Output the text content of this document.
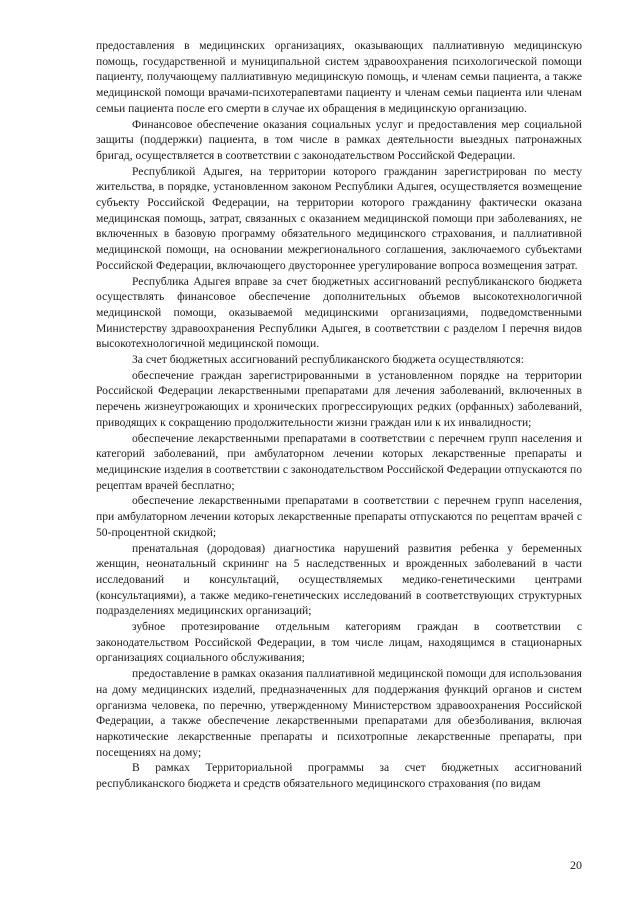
предоставления в медицинских организациях, оказывающих паллиативную медицинскую помощь, государственной и муниципальной систем здравоохранения психологической помощи пациенту, получающему паллиативную медицинскую помощь, и членам семьи пациента, а также медицинской помощи врачами-психотерапевтами пациенту и членам семьи пациента или членам семьи пациента после его смерти в случае их обращения в медицинскую организацию.

Финансовое обеспечение оказания социальных услуг и предоставления мер социальной защиты (поддержки) пациента, в том числе в рамках деятельности выездных патронажных бригад, осуществляется в соответствии с законодательством Российской Федерации.

Республикой Адыгея, на территории которого гражданин зарегистрирован по месту жительства, в порядке, установленном законом Республики Адыгея, осуществляется возмещение субъекту Российской Федерации, на территории которого гражданину фактически оказана медицинская помощь, затрат, связанных с оказанием медицинской помощи при заболеваниях, не включенных в базовую программу обязательного медицинского страхования, и паллиативной медицинской помощи, на основании межрегионального соглашения, заключаемого субъектами Российской Федерации, включающего двустороннее урегулирование вопроса возмещения затрат.

Республика Адыгея вправе за счет бюджетных ассигнований республиканского бюджета осуществлять финансовое обеспечение дополнительных объемов высокотехнологичной медицинской помощи, оказываемой медицинскими организациями, подведомственными Министерству здравоохранения Республики Адыгея, в соответствии с разделом I перечня видов высокотехнологичной медицинской помощи.

За счет бюджетных ассигнований республиканского бюджета осуществляются:

обеспечение граждан зарегистрированными в установленном порядке на территории Российской Федерации лекарственными препаратами для лечения заболеваний, включенных в перечень жизнеугрожающих и хронических прогрессирующих редких (орфанных) заболеваний, приводящих к сокращению продолжительности жизни граждан или к их инвалидности;

обеспечение лекарственными препаратами в соответствии с перечнем групп населения и категорий заболеваний, при амбулаторном лечении которых лекарственные препараты и медицинские изделия в соответствии с законодательством Российской Федерации отпускаются по рецептам врачей бесплатно;

обеспечение лекарственными препаратами в соответствии с перечнем групп населения, при амбулаторном лечении которых лекарственные препараты отпускаются по рецептам врачей с 50-процентной скидкой;

пренатальная (дородовая) диагностика нарушений развития ребенка у беременных женщин, неонатальный скрининг на 5 наследственных и врожденных заболеваний в части исследований и консультаций, осуществляемых медико-генетическими центрами (консультациями), а также медико-генетических исследований в соответствующих структурных подразделениях медицинских организаций;

зубное протезирование отдельным категориям граждан в соответствии с законодательством Российской Федерации, в том числе лицам, находящимся в стационарных организациях социального обслуживания;

предоставление в рамках оказания паллиативной медицинской помощи для использования на дому медицинских изделий, предназначенных для поддержания функций органов и систем организма человека, по перечню, утвержденному Министерством здравоохранения Российской Федерации, а также обеспечение лекарственными препаратами для обезболивания, включая наркотические лекарственные препараты и психотропные лекарственные препараты, при посещениях на дому;

В рамках Территориальной программы за счет бюджетных ассигнований республиканского бюджета и средств обязательного медицинского страхования (по видам

20
